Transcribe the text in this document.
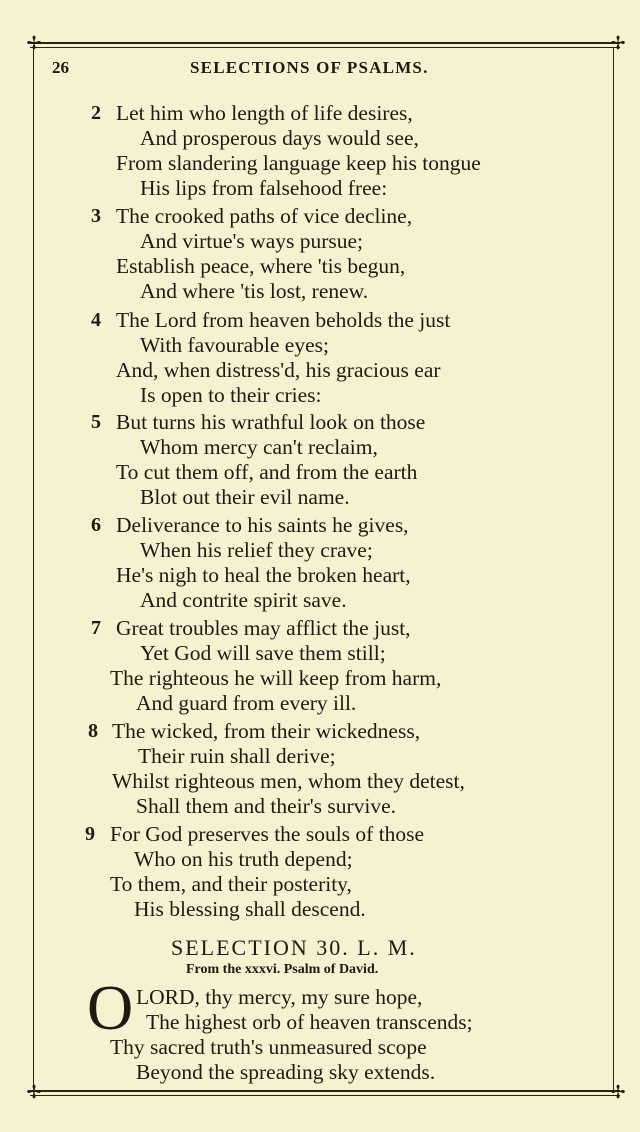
✢	✢
✢	✢
26	SELECTIONS OF PSALMS.
2 Let him who length of life desires,
And prosperous days would see,
From slandering language keep his tongue
His lips from falsehood free:
3 The crooked paths of vice decline,
And virtue's ways pursue;
Establish peace, where 'tis begun,
And where 'tis lost, renew.
4 The Lord from heaven beholds the just
With favourable eyes;
And, when distress'd, his gracious ear
Is open to their cries:
5 But turns his wrathful look on those
Whom mercy can't reclaim,
To cut them off, and from the earth
Blot out their evil name.
6 Deliverance to his saints he gives,
When his relief they crave;
He's nigh to heal the broken heart,
And contrite spirit save.
7 Great troubles may afflict the just,
Yet God will save them still;
The righteous he will keep from harm,
And guard from every ill.
8 The wicked, from their wickedness,
Their ruin shall derive;
Whilst righteous men, whom they detest,
Shall them and their's survive.
9 For God preserves the souls of those
Who on his truth depend;
To them, and their posterity,
His blessing shall descend.
SELECTION 30. L. M.
From the xxxvi. Psalm of David.
O LORD, thy mercy, my sure hope,
The highest orb of heaven transcends;
Thy sacred truth's unmeasured scope
Beyond the spreading sky extends.
